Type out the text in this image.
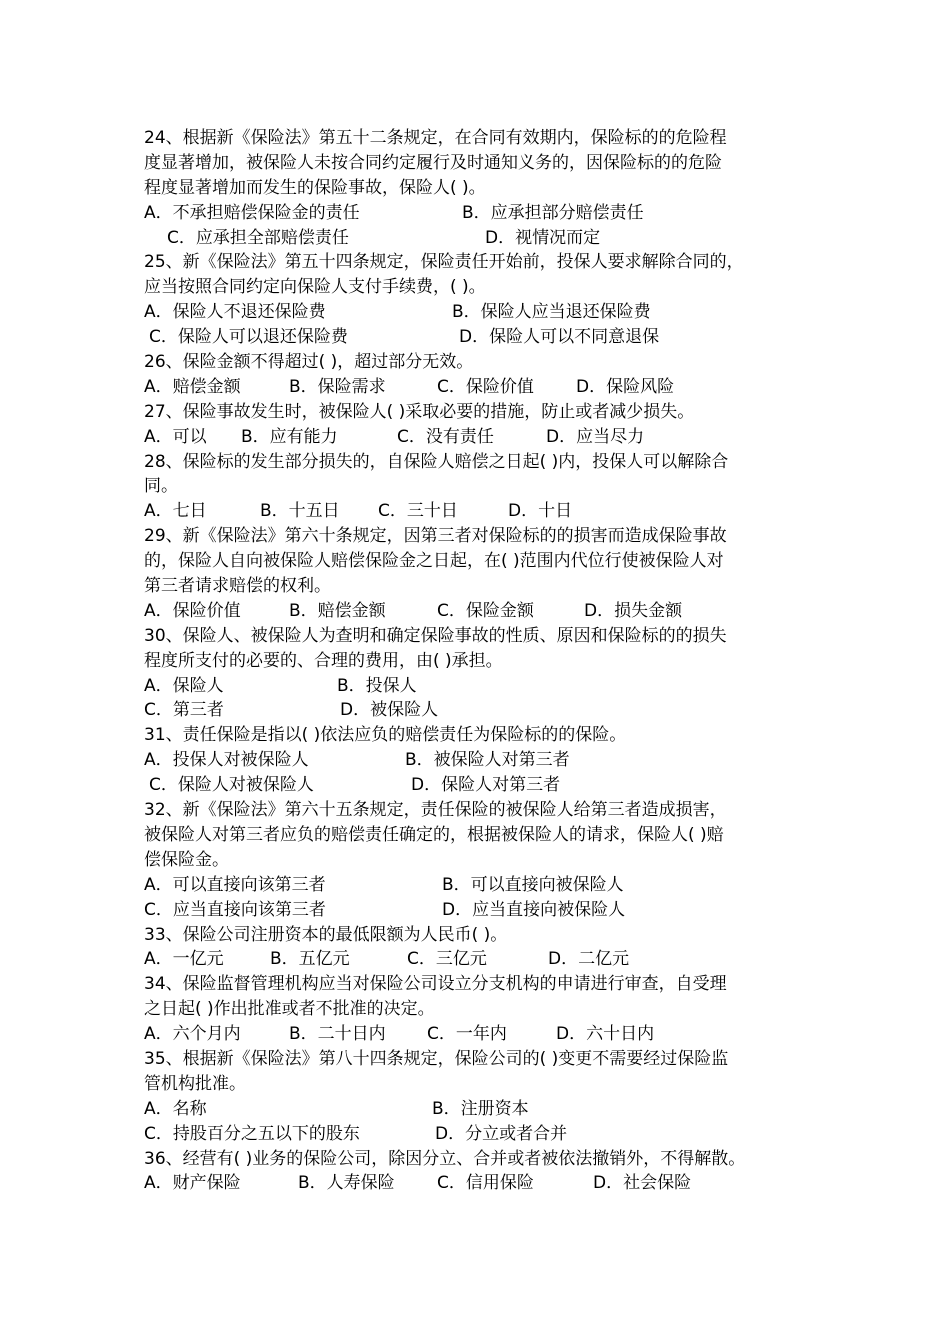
24、根据新《保险法》第五十二条规定，在合同有效期内，保险标的的危险程
度显著增加，被保险人未按合同约定履行及时通知义务的，因保险标的的危险
程度显著增加而发生的保险事故，保险人( )。
A．不承担赔偿保险金的责任	B．应承担部分赔偿责任
C．应承担全部赔偿责任	D．视情况而定
25、新《保险法》第五十四条规定，保险责任开始前，投保人要求解除合同的，
应当按照合同约定向保险人支付手续费，( )。
A．保险人不退还保险费	B．保险人应当退还保险费
C．保险人可以退还保险费	D．保险人可以不同意退保
26、保险金额不得超过( )，超过部分无效。
A．赔偿金额	B．保险需求	C．保险价值 D．保险风险
27、保险事故发生时，被保险人( )采取必要的措施，防止或者减少损失。
A．可以 B．应有能力	C．没有责任	D．应当尽力
28、保险标的发生部分损失的，自保险人赔偿之日起( )内，投保人可以解除合
同。
A．七日	B．十五日 C．三十日	D．十日
29、新《保险法》第六十条规定，因第三者对保险标的的损害而造成保险事故
的，保险人自向被保险人赔偿保险金之日起，在( )范围内代位行使被保险人对
第三者请求赔偿的权利。
A．保险价值	B．赔偿金额	C．保险金额	D．损失金额
30、保险人、被保险人为查明和确定保险事故的性质、原因和保险标的的损失
程度所支付的必要的、合理的费用，由( )承担。
A．保险人	B．投保人
C．第三者	D．被保险人
31、责任保险是指以( )依法应负的赔偿责任为保险标的的保险。
A．投保人对被保险人	B．被保险人对第三者
C．保险人对被保险人	D．保险人对第三者
32、新《保险法》第六十五条规定，责任保险的被保险人给第三者造成损害，
被保险人对第三者应负的赔偿责任确定的，根据被保险人的请求，保险人( )赔
偿保险金。
A．可以直接向该第三者	B．可以直接向被保险人
C．应当直接向该第三者	D．应当直接向被保险人
33、保险公司注册资本的最低限额为人民币( )。
A．一亿元	B．五亿元	C．三亿元	D．二亿元
34、保险监督管理机构应当对保险公司设立分支机构的申请进行审查，自受理
之日起( )作出批准或者不批准的决定。
A．六个月内	B．二十日内 C．一年内	D．六十日内
35、根据新《保险法》第八十四条规定，保险公司的( )变更不需要经过保险监
管机构批准。
A．名称	B．注册资本
C．持股百分之五以下的股东	D．分立或者合并
36、经营有( )业务的保险公司，除因分立、合并或者被依法撤销外，不得解散。
A．财产保险	B．人寿保险 C．信用保险	D．社会保险
